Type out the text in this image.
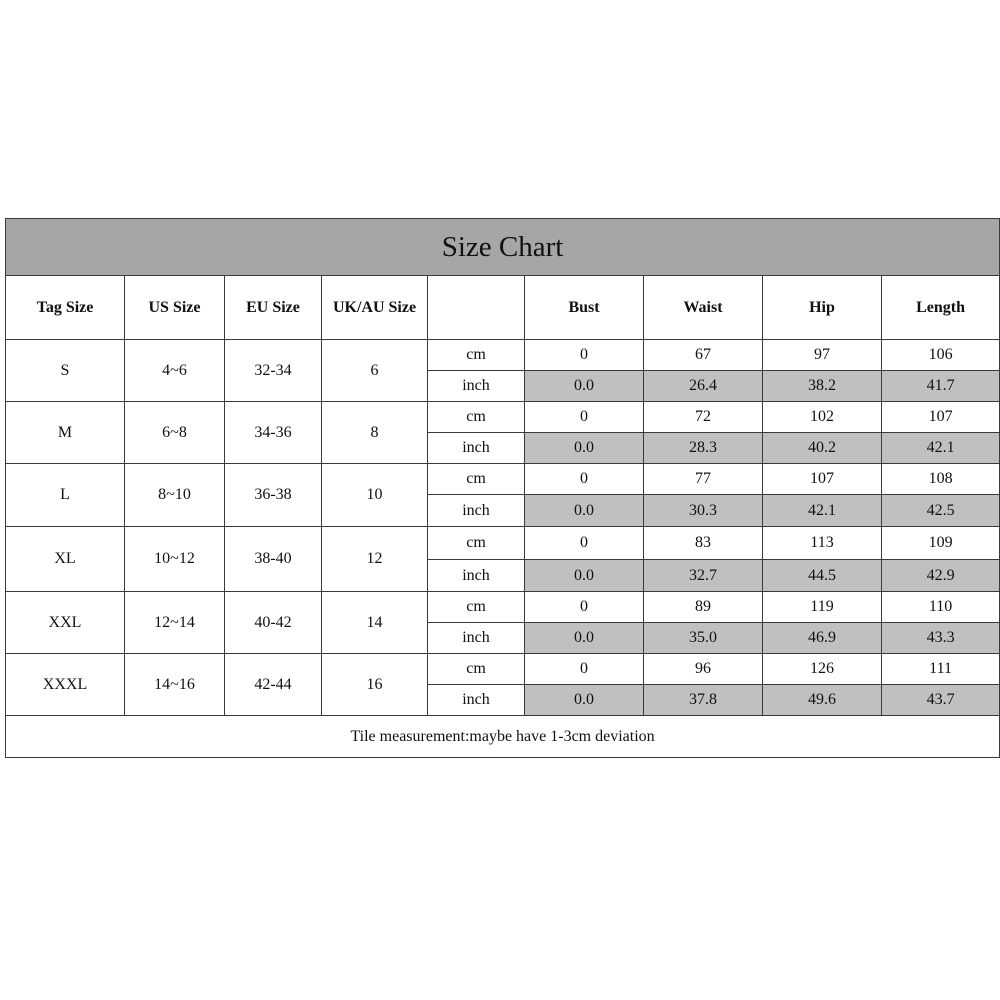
Size Chart								
Tag Size	US Size	EU Size	UK/AU Size		Bust	Waist	Hip	Length
S	4~6	32-34	6	cm	0	67	97	106
				inch	0.0	26.4	38.2	41.7
M	6~8	34-36	8	cm	0	72	102	107
				inch	0.0	28.3	40.2	42.1
L	8~10	36-38	10	cm	0	77	107	108
				inch	0.0	30.3	42.1	42.5
XL	10~12	38-40	12	cm	0	83	113	109
				inch	0.0	32.7	44.5	42.9
XXL	12~14	40-42	14	cm	0	89	119	110
				inch	0.0	35.0	46.9	43.3
XXXL	14~16	42-44	16	cm	0	96	126	111
				inch	0.0	37.8	49.6	43.7
Tile measurement:maybe have 1-3cm deviation								
